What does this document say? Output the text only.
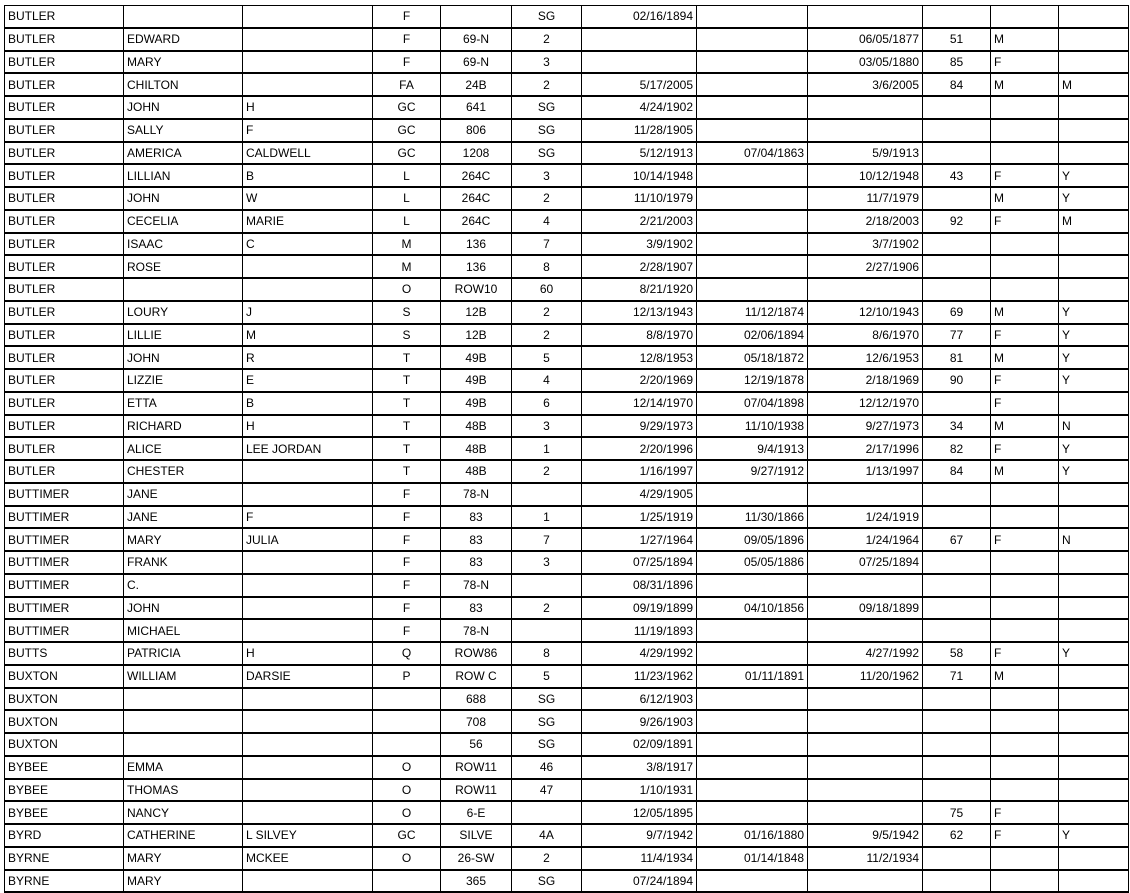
BUTLER			F		SG	02/16/1894					
BUTLER	EDWARD		F	69-N	2			06/05/1877	51	M	
BUTLER	MARY		F	69-N	3			03/05/1880	85	F	
BUTLER	CHILTON		FA	24B	2	5/17/2005		3/6/2005	84	M	M
BUTLER	JOHN	H	GC	641	SG	4/24/1902					
BUTLER	SALLY	F	GC	806	SG	11/28/1905					
BUTLER	AMERICA	CALDWELL	GC	1208	SG	5/12/1913	07/04/1863	5/9/1913			
BUTLER	LILLIAN	B	L	264C	3	10/14/1948		10/12/1948	43	F	Y
BUTLER	JOHN	W	L	264C	2	11/10/1979		11/7/1979		M	Y
BUTLER	CECELIA	MARIE	L	264C	4	2/21/2003		2/18/2003	92	F	M
BUTLER	ISAAC	C	M	136	7	3/9/1902		3/7/1902			
BUTLER	ROSE		M	136	8	2/28/1907		2/27/1906			
BUTLER			O	ROW10	60	8/21/1920					
BUTLER	LOURY	J	S	12B	2	12/13/1943	11/12/1874	12/10/1943	69	M	Y
BUTLER	LILLIE	M	S	12B	2	8/8/1970	02/06/1894	8/6/1970	77	F	Y
BUTLER	JOHN	R	T	49B	5	12/8/1953	05/18/1872	12/6/1953	81	M	Y
BUTLER	LIZZIE	E	T	49B	4	2/20/1969	12/19/1878	2/18/1969	90	F	Y
BUTLER	ETTA	B	T	49B	6	12/14/1970	07/04/1898	12/12/1970		F	
BUTLER	RICHARD	H	T	48B	3	9/29/1973	11/10/1938	9/27/1973	34	M	N
BUTLER	ALICE	LEE JORDAN	T	48B	1	2/20/1996	9/4/1913	2/17/1996	82	F	Y
BUTLER	CHESTER		T	48B	2	1/16/1997	9/27/1912	1/13/1997	84	M	Y
BUTTIMER	JANE		F	78-N		4/29/1905					
BUTTIMER	JANE	F	F	83	1	1/25/1919	11/30/1866	1/24/1919			
BUTTIMER	MARY	JULIA	F	83	7	1/27/1964	09/05/1896	1/24/1964	67	F	N
BUTTIMER	FRANK		F	83	3	07/25/1894	05/05/1886	07/25/1894			
BUTTIMER	C.		F	78-N		08/31/1896					
BUTTIMER	JOHN		F	83	2	09/19/1899	04/10/1856	09/18/1899			
BUTTIMER	MICHAEL		F	78-N		11/19/1893					
BUTTS	PATRICIA	H	Q	ROW86	8	4/29/1992		4/27/1992	58	F	Y
BUXTON	WILLIAM	DARSIE	P	ROW C	5	11/23/1962	01/11/1891	11/20/1962	71	M	
BUXTON				688	SG	6/12/1903					
BUXTON				708	SG	9/26/1903					
BUXTON				56	SG	02/09/1891					
BYBEE	EMMA		O	ROW11	46	3/8/1917					
BYBEE	THOMAS		O	ROW11	47	1/10/1931					
BYBEE	NANCY		O	6-E		12/05/1895			75	F	
BYRD	CATHERINE	L SILVEY	GC	SILVE	4A	9/7/1942	01/16/1880	9/5/1942	62	F	Y
BYRNE	MARY	MCKEE	O	26-SW	2	11/4/1934	01/14/1848	11/2/1934			
BYRNE	MARY			365	SG	07/24/1894					
